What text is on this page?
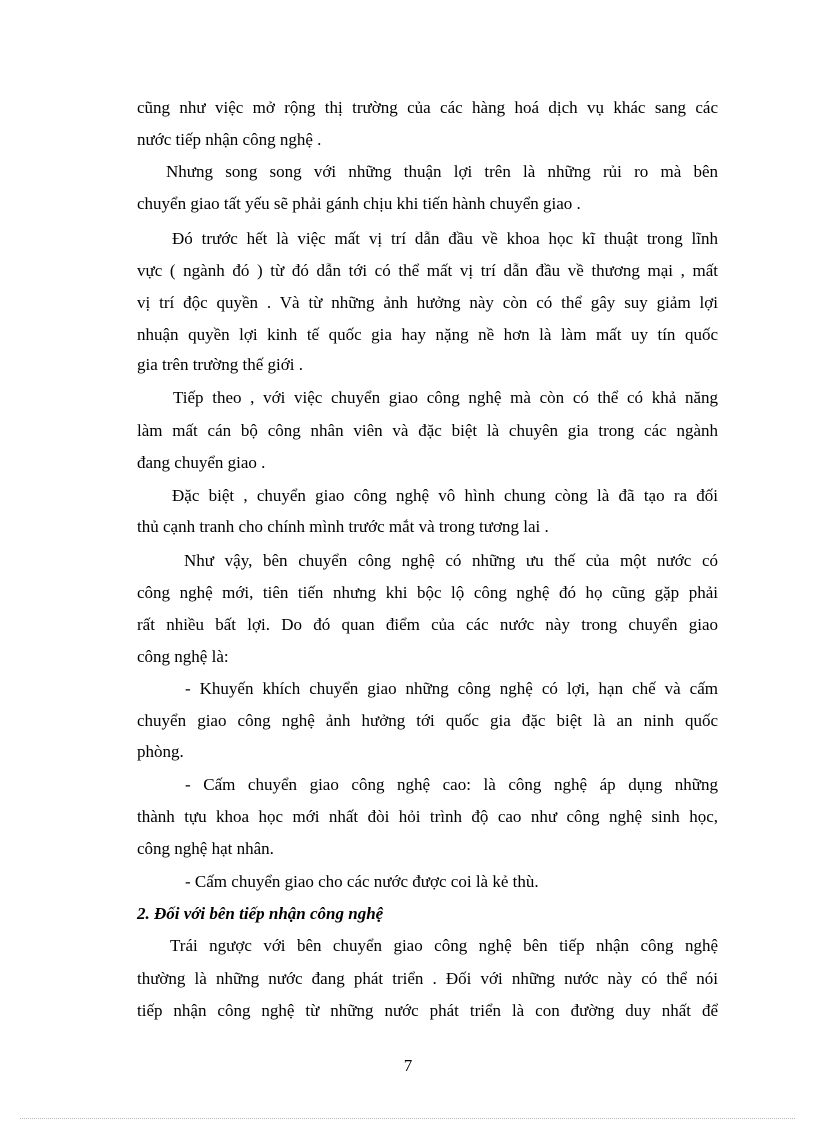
cũng như việc mở rộng thị trường của các hàng hoá dịch vụ khác sang các
nước tiếp nhận công nghệ .
Nhưng song song với những thuận lợi trên là những rủi ro mà bên
chuyển giao tất yếu sẽ phải gánh chịu khi tiến hành chuyển giao .
Đó trước hết là việc mất vị trí dẫn đầu về khoa học kĩ thuật trong lĩnh
vực ( ngành đó ) từ đó dẫn tới có thể mất vị trí dẫn đầu về thương mại , mất
vị trí độc quyền . Và từ những ảnh hưởng này còn có thể gây suy giảm lợi
nhuận quyền lợi kinh tế quốc gia hay nặng nề hơn là làm mất uy tín quốc
gia trên trường thế giới .
Tiếp theo , với việc chuyển giao công nghệ mà còn có thể có khả năng
làm mất cán bộ công nhân viên và đặc biệt là chuyên gia trong các ngành
đang chuyển giao .
Đặc biệt , chuyển giao công nghệ vô hình chung còng là đã tạo ra đối
thủ cạnh tranh cho chính mình trước mắt và trong tương lai .
Như vậy, bên chuyển công nghệ có những ưu thế của một nước có
công nghệ mới, tiên tiến nhưng khi bộc lộ công nghệ đó họ cũng gặp phải
rất nhiều bất lợi. Do đó quan điểm của các nước này trong chuyển giao
công nghệ là:
- Khuyến khích chuyển giao những công nghệ có lợi, hạn chế và cấm
chuyển giao công nghệ ảnh hưởng tới quốc gia đặc biệt là an ninh quốc
phòng.
- Cấm chuyển giao công nghệ cao: là công nghệ áp dụng những
thành tựu khoa học mới nhất đòi hỏi trình độ cao như công nghệ sinh học,
công nghệ hạt nhân.
- Cấm chuyển giao cho các nước được coi là kẻ thù.
2. Đối với bên tiếp nhận công nghệ
Trái ngược với bên chuyển giao công nghệ bên tiếp nhận công nghệ
thường là những nước đang phát triển . Đối với những nước này có thể nói
tiếp nhận công nghệ từ những nước phát triển là con đường duy nhất để
7
